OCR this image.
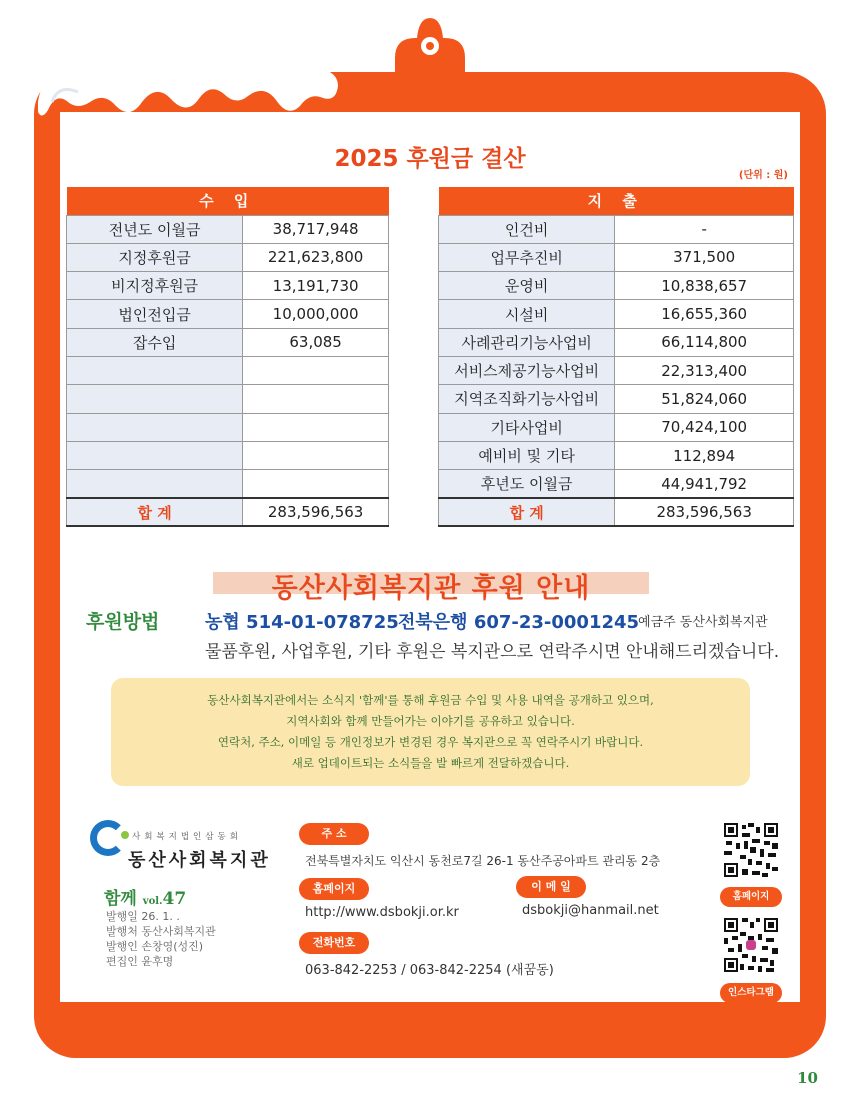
2025 후원금 결산
(단위 : 원)
수 입	
전년도 이월금	38,717,948
지정후원금	221,623,800
비지정후원금	13,191,730
법인전입금	10,000,000
잡수입	63,085

합 계	283,596,563
지 출	
인건비	-
업무추진비	371,500
운영비	10,838,657
시설비	16,655,360
사례관리기능사업비	66,114,800
서비스제공기능사업비	22,313,400
지역조직화기능사업비	51,824,060
기타사업비	70,424,100
예비비 및 기타	112,894
후년도 이월금	44,941,792
합 계	283,596,563
동산사회복지관 후원 안내
후원방법	농협 514-01-078725 전북은행 607-23-0001245
예금주 동산사회복지관
물품후원, 사업후원, 기타 후원은 복지관으로 연락주시면 안내해드리겠습니다.
동산사회복지관에서는 소식지 '함께'를 통해 후원금 수입 및 사용 내역을 공개하고 있으며,
지역사회와 함께 만들어가는 이야기를 공유하고 있습니다.
연락처, 주소, 이메일 등 개인정보가 변경된 경우 복지관으로 꼭 연락주시기 바랍니다.
새로 업데이트되는 소식들을 발 빠르게 전달하겠습니다.
사회복지법인삼동회
동산사회복지관
함께 vol.47
발행일 26. 1. .
발행처 동산사회복지관
발행인 손창영(성진)
편집인 윤후명
주 소
전북특별자치도 익산시 동천로7길 26-1 동산주공아파트 관리동 2층
홈페이지
http://www.dsbokji.or.kr
이 메 일
dsbokji@hanmail.net
전화번호
063-842-2253 / 063-842-2254 (새꿈동)
홈페이지
인스타그램
10
